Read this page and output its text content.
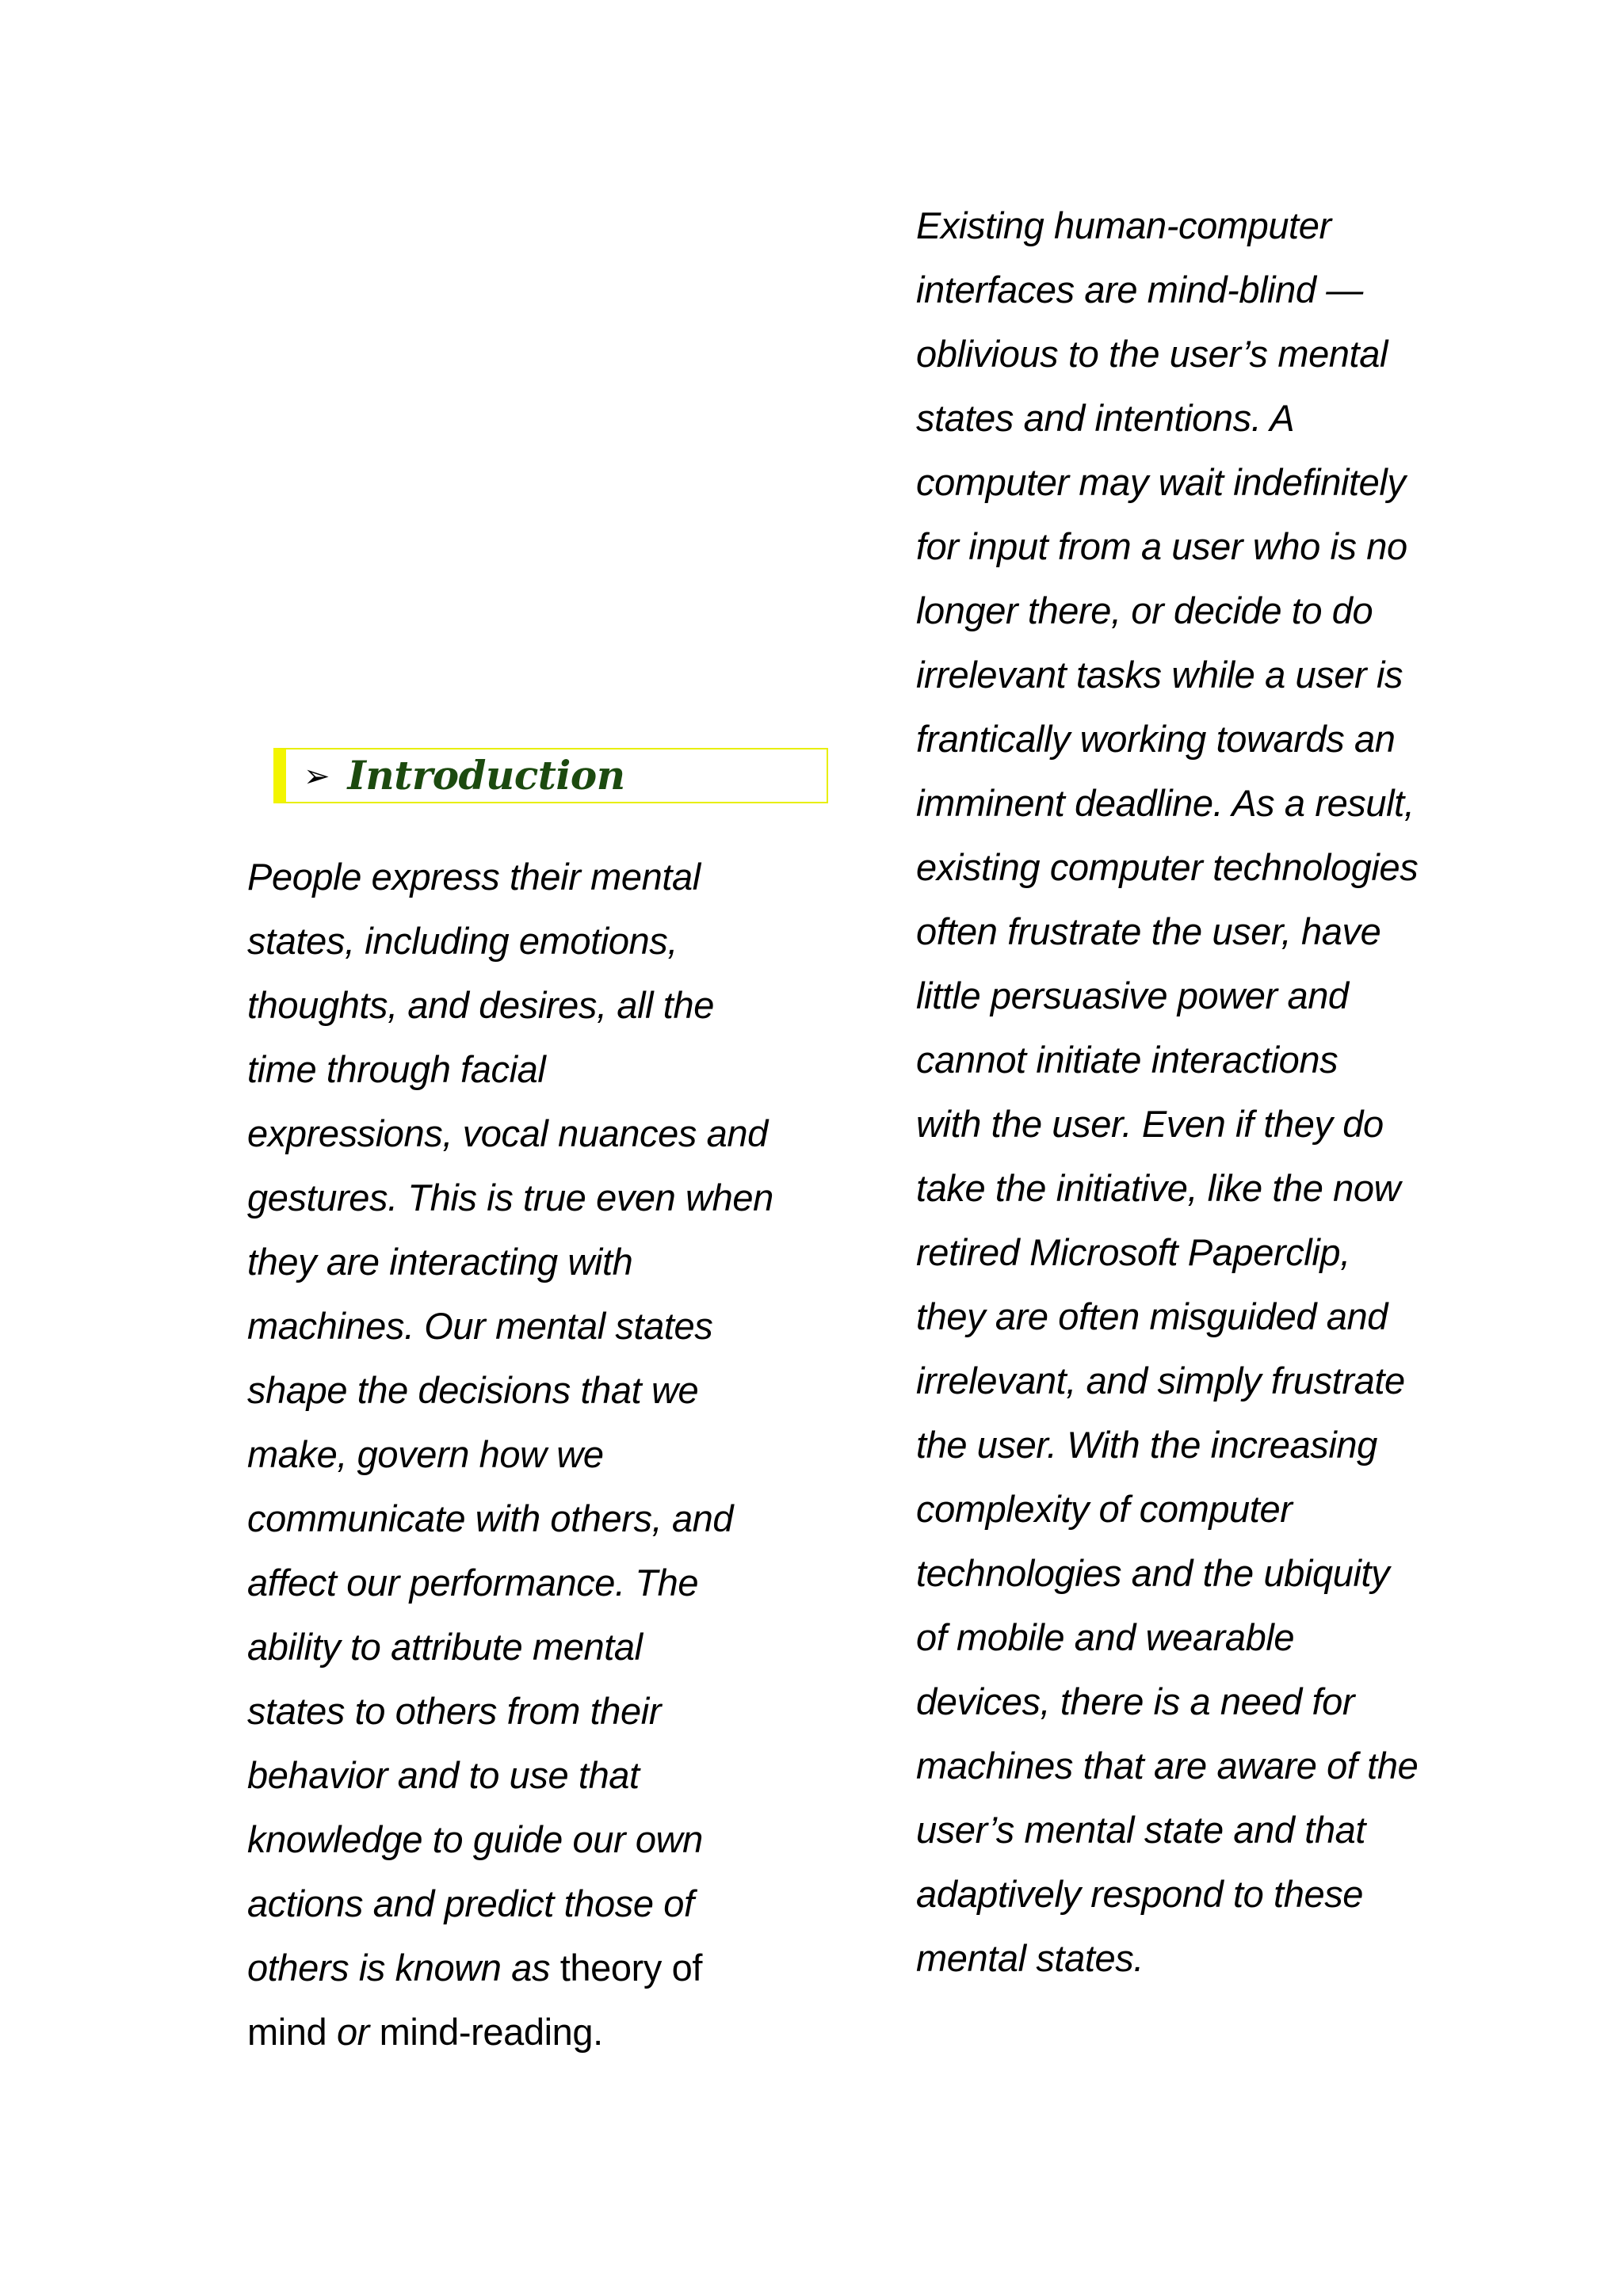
➢ Introduction
People express their mental
states, including emotions,
thoughts, and desires, all the
time through facial
expressions, vocal nuances and
gestures. This is true even when
they are interacting with
machines. Our mental states
shape the decisions that we
make, govern how we
communicate with others, and
affect our performance. The
ability to attribute mental
states to others from their
behavior and to use that
knowledge to guide our own
actions and predict those of
others is known as theory of
mind or mind-reading.
Existing human-computer
interfaces are mind-blind —
oblivious to the user’s mental
states and intentions. A
computer may wait indefinitely
for input from a user who is no
longer there, or decide to do
irrelevant tasks while a user is
frantically working towards an
imminent deadline. As a result,
existing computer technologies
often frustrate the user, have
little persuasive power and
cannot initiate interactions
with the user. Even if they do
take the initiative, like the now
retired Microsoft Paperclip,
they are often misguided and
irrelevant, and simply frustrate
the user. With the increasing
complexity of computer
technologies and the ubiquity
of mobile and wearable
devices, there is a need for
machines that are aware of the
user’s mental state and that
adaptively respond to these
mental states.
